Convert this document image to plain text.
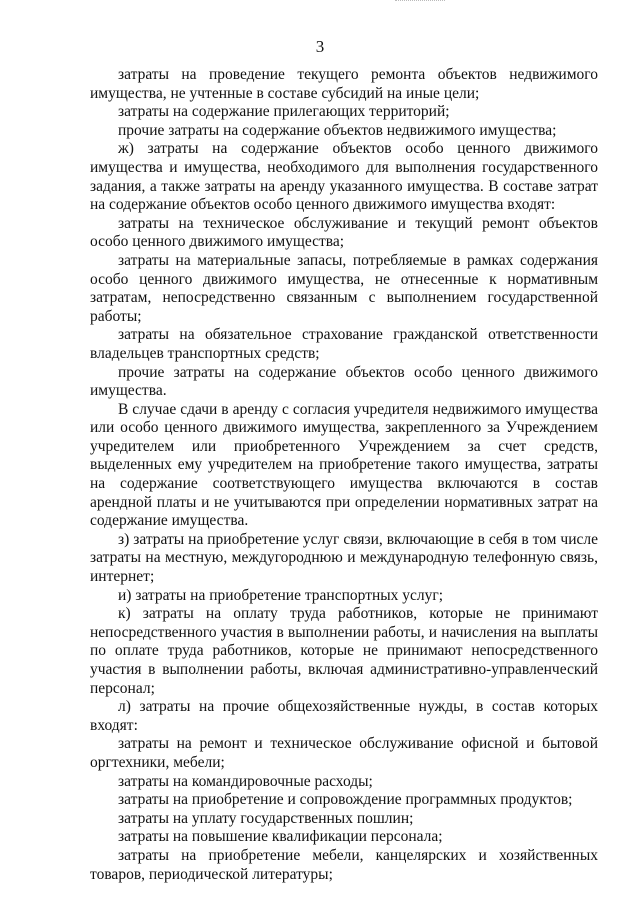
3

затраты на проведение текущего ремонта объектов недвижимого имущества, не учтенные в составе субсидий на иные цели;

затраты на содержание прилегающих территорий;

прочие затраты на содержание объектов недвижимого имущества;

ж) затраты на содержание объектов особо ценного движимого имущества и имущества, необходимого для выполнения государственного задания, а также затраты на аренду указанного имущества. В составе затрат на содержание объектов особо ценного движимого имущества входят:

затраты на техническое обслуживание и текущий ремонт объектов особо ценного движимого имущества;

затраты на материальные запасы, потребляемые в рамках содержания особо ценного движимого имущества, не отнесенные к нормативным затратам, непосредственно связанным с выполнением государственной работы;

затраты на обязательное страхование гражданской ответственности владельцев транспортных средств;

прочие затраты на содержание объектов особо ценного движимого имущества.

В случае сдачи в аренду с согласия учредителя недвижимого имущества или особо ценного движимого имущества, закрепленного за Учреждением учредителем или приобретенного Учреждением за счет средств, выделенных ему учредителем на приобретение такого имущества, затраты на содержание соответствующего имущества включаются в состав арендной платы и не учитываются при определении нормативных затрат на содержание имущества.

з) затраты на приобретение услуг связи, включающие в себя в том числе затраты на местную, междугороднюю и международную телефонную связь, интернет;

и) затраты на приобретение транспортных услуг;

к) затраты на оплату труда работников, которые не принимают непосредственного участия в выполнении работы, и начисления на выплаты по оплате труда работников, которые не принимают непосредственного участия в выполнении работы, включая административно-управленческий персонал;

л) затраты на прочие общехозяйственные нужды, в состав которых входят:

затраты на ремонт и техническое обслуживание офисной и бытовой оргтехники, мебели;

затраты на командировочные расходы;

затраты на приобретение и сопровождение программных продуктов;

затраты на уплату государственных пошлин;

затраты на повышение квалификации персонала;

затраты на приобретение мебели, канцелярских и хозяйственных товаров, периодической литературы;
